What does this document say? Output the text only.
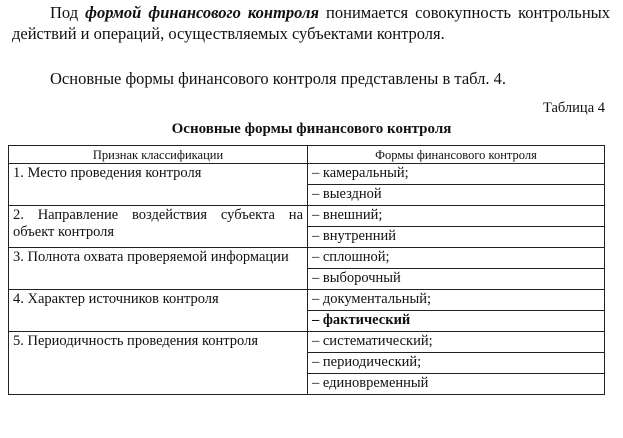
Под формой финансового контроля понимается совокупность контрольных действий и операций, осуществляемых субъектами контроля.
Основные формы финансового контроля представлены в табл. 4.
Таблица 4
Основные формы финансового контроля
Признак классификации	Формы финансового контроля
1. Место проведения контроля	– камеральный;
– выездной

2. Направление воздействия субъекта на объект контроля	– внешний;
– внутренний

3. Полнота охвата проверяемой информации	– сплошной;
– выборочный

4. Характер источников контроля	– документальный;
– фактический

5. Периодичность проведения контроля	– систематический;
– периодический;
– единовременный
